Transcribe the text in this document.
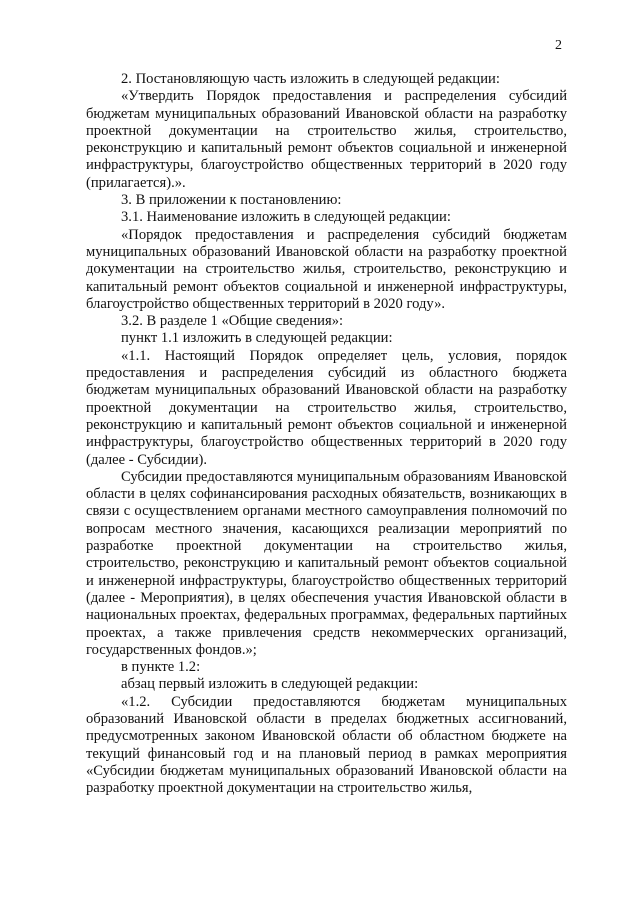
2

2. Постановляющую часть изложить в следующей редакции:

«Утвердить Порядок предоставления и распределения субсидий бюджетам муниципальных образований Ивановской области на разработку проектной документации на строительство жилья, строительство, реконструкцию и капитальный ремонт объектов социальной и инженерной инфраструктуры, благоустройство общественных территорий в 2020 году (прилагается).».

3. В приложении к постановлению:

3.1. Наименование изложить в следующей редакции:

«Порядок предоставления и распределения субсидий бюджетам муниципальных образований Ивановской области на разработку проектной документации на строительство жилья, строительство, реконструкцию и капитальный ремонт объектов социальной и инженерной инфраструктуры, благоустройство общественных территорий в 2020 году».

3.2. В разделе 1 «Общие сведения»:

пункт 1.1 изложить в следующей редакции:

«1.1. Настоящий Порядок определяет цель, условия, порядок предоставления и распределения субсидий из областного бюджета бюджетам муниципальных образований Ивановской области на разработку проектной документации на строительство жилья, строительство, реконструкцию и капитальный ремонт объектов социальной и инженерной инфраструктуры, благоустройство общественных территорий в 2020 году (далее - Субсидии).

Субсидии предоставляются муниципальным образованиям Ивановской области в целях софинансирования расходных обязательств, возникающих в связи с осуществлением органами местного самоуправления полномочий по вопросам местного значения, касающихся реализации мероприятий по разработке проектной документации на строительство жилья, строительство, реконструкцию и капитальный ремонт объектов социальной и инженерной инфраструктуры, благоустройство общественных территорий (далее - Мероприятия), в целях обеспечения участия Ивановской области в национальных проектах, федеральных программах, федеральных партийных проектах, а также привлечения средств некоммерческих организаций, государственных фондов.»;

в пункте 1.2:

абзац первый изложить в следующей редакции:

«1.2. Субсидии предоставляются бюджетам муниципальных образований Ивановской области в пределах бюджетных ассигнований, предусмотренных законом Ивановской области об областном бюджете на текущий финансовый год и на плановый период в рамках мероприятия «Субсидии бюджетам муниципальных образований Ивановской области на разработку проектной документации на строительство жилья,
